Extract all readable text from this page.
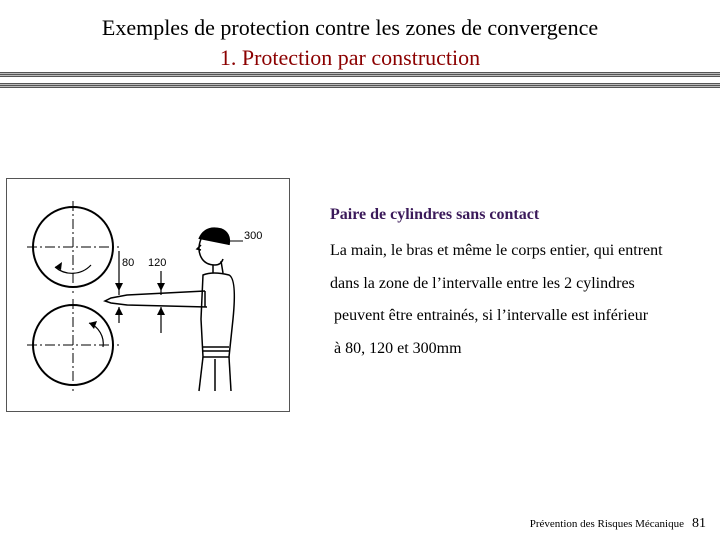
Exemples de protection contre les zones de convergence
1. Protection par construction
80 120
300
Paire de cylindres sans contact
La main, le bras et même le corps entier, qui entrent
dans la zone de l’intervalle entre les 2 cylindres
peuvent être entrainés, si l’intervalle est inférieur
à 80, 120 et 300mm
Prévention des Risques Mécanique 81
